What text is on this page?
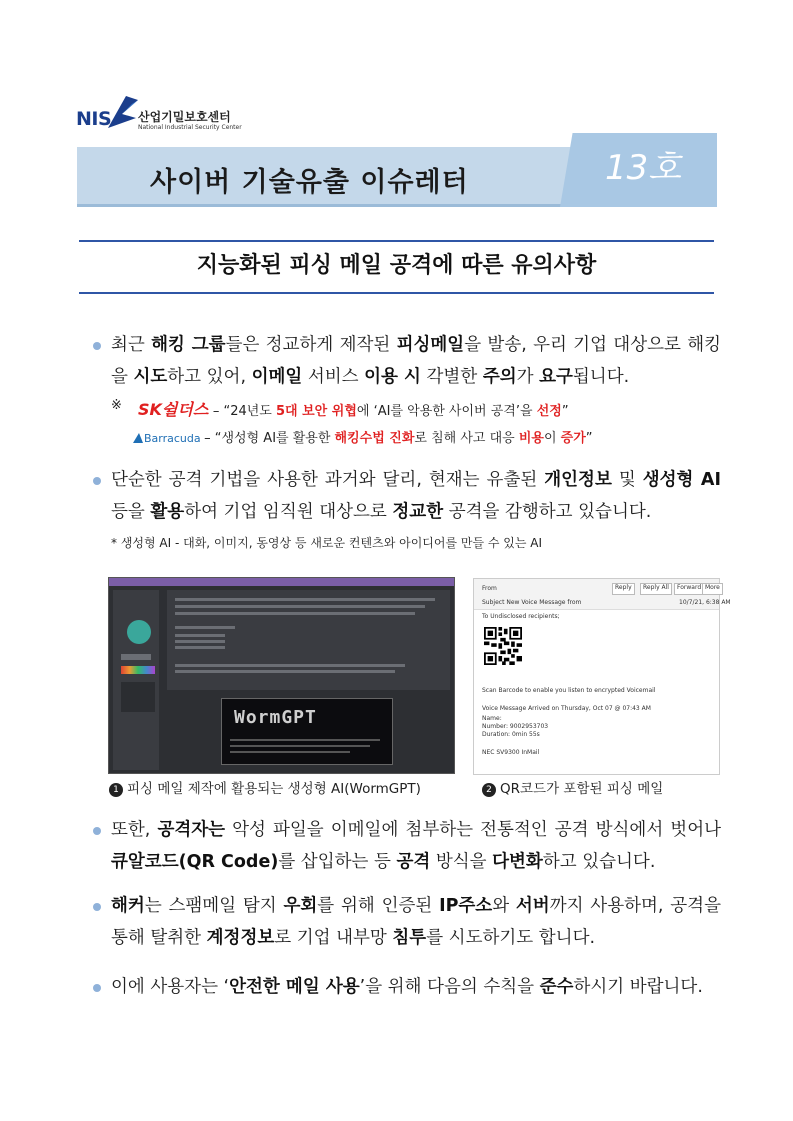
NIS 산업기밀보호센터
National Industrial Security Center
사이버 기술유출 이슈레터	13호
지능화된 피싱 메일 공격에 따른 유의사항
최근 해킹 그룹들은 정교하게 제작된 피싱메일을 발송, 우리 기업 대상으로 해킹을 시도하고 있어, 이메일 서비스 이용 시 각별한 주의가 요구됩니다.
※ SK쉴더스 – “24년도 5대 보안 위협에 ‘AI를 악용한 사이버 공격’을 선정”
Barracuda – “생성형 AI를 활용한 해킹수법 진화로 침해 사고 대응 비용이 증가”
단순한 공격 기법을 사용한 과거와 달리, 현재는 유출된 개인정보 및 생성형 AI 등을 활용하여 기업 임직원 대상으로 정교한 공격을 감행하고 있습니다.
* 생성형 AI - 대화, 이미지, 동영상 등 새로운 컨텐츠와 아이디어를 만들 수 있는 AI
WormGPT
From	Reply	Reply All	Forward More
Subject New Voice Message from	10/7/21, 6:38 AM
To Undisclosed recipients;
Scan Barcode to enable you listen to encrypted Voicemail
Voice Message Arrived on Thursday, Oct 07 @ 07:43 AM
Name:
Number: 9002953703
Duration: 0min 55s
NEC SV9300 InMail
1 피싱 메일 제작에 활용되는 생성형 AI(WormGPT)	2 QR코드가 포함된 피싱 메일
또한, 공격자는 악성 파일을 이메일에 첨부하는 전통적인 공격 방식에서 벗어나 큐알코드(QR Code)를 삽입하는 등 공격 방식을 다변화하고 있습니다.
해커는 스팸메일 탐지 우회를 위해 인증된 IP주소와 서버까지 사용하며, 공격을 통해 탈취한 계정정보로 기업 내부망 침투를 시도하기도 합니다.
이에 사용자는 ‘안전한 메일 사용’을 위해 다음의 수칙을 준수하시기 바랍니다.
